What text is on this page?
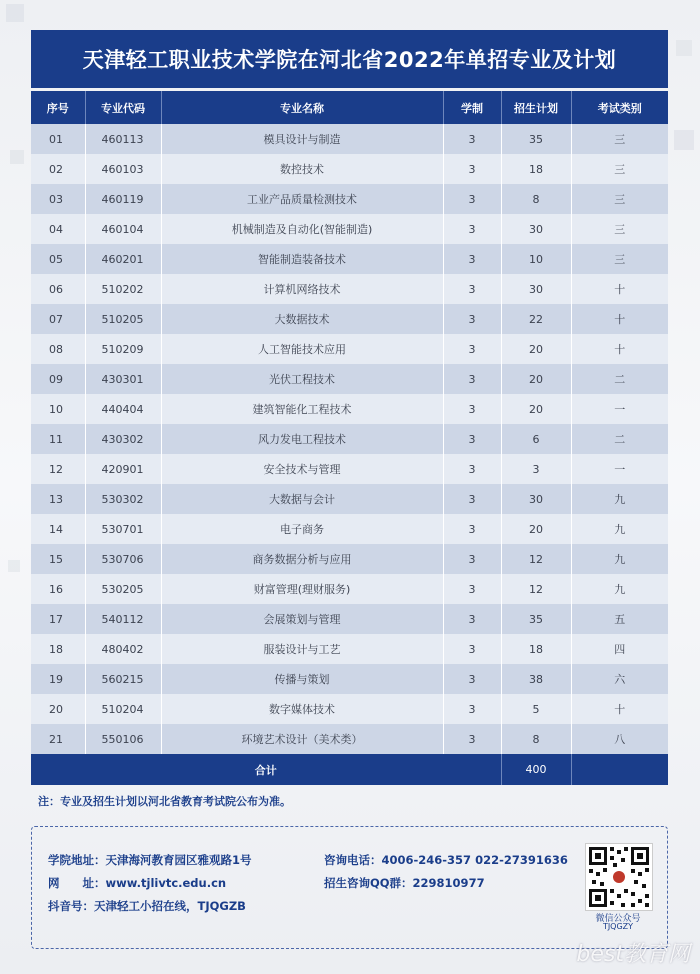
天津轻工职业技术学院在河北省2022年单招专业及计划
序号	专业代码	专业名称	学制	招生计划	考试类别
01	460113	模具设计与制造	3	35	三
02	460103	数控技术	3	18	三
03	460119	工业产品质量检测技术	3	8	三
04	460104	机械制造及自动化(智能制造)	3	30	三
05	460201	智能制造装备技术	3	10	三
06	510202	计算机网络技术	3	30	十
07	510205	大数据技术	3	22	十
08	510209	人工智能技术应用	3	20	十
09	430301	光伏工程技术	3	20	二
10	440404	建筑智能化工程技术	3	20	一
11	430302	风力发电工程技术	3	6	二
12	420901	安全技术与管理	3	3	一
13	530302	大数据与会计	3	30	九
14	530701	电子商务	3	20	九
15	530706	商务数据分析与应用	3	12	九
16	530205	财富管理(理财服务)	3	12	九
17	540112	会展策划与管理	3	35	五
18	480402	服装设计与工艺	3	18	四
19	560215	传播与策划	3	38	六
20	510204	数字媒体技术	3	5	十
21	550106	环境艺术设计（美术类）	3	8	八
合计				400	
注：专业及招生计划以河北省教育考试院公布为准。
学院地址：天津海河教育园区雅观路1号
网　　址：www.tjlivtc.edu.cn
抖音号：天津轻工小招在线，TJQGZB
咨询电话：4006-246-357 022-27391636
招生咨询QQ群：229810977
微信公众号
TJQGZY
best教育网
